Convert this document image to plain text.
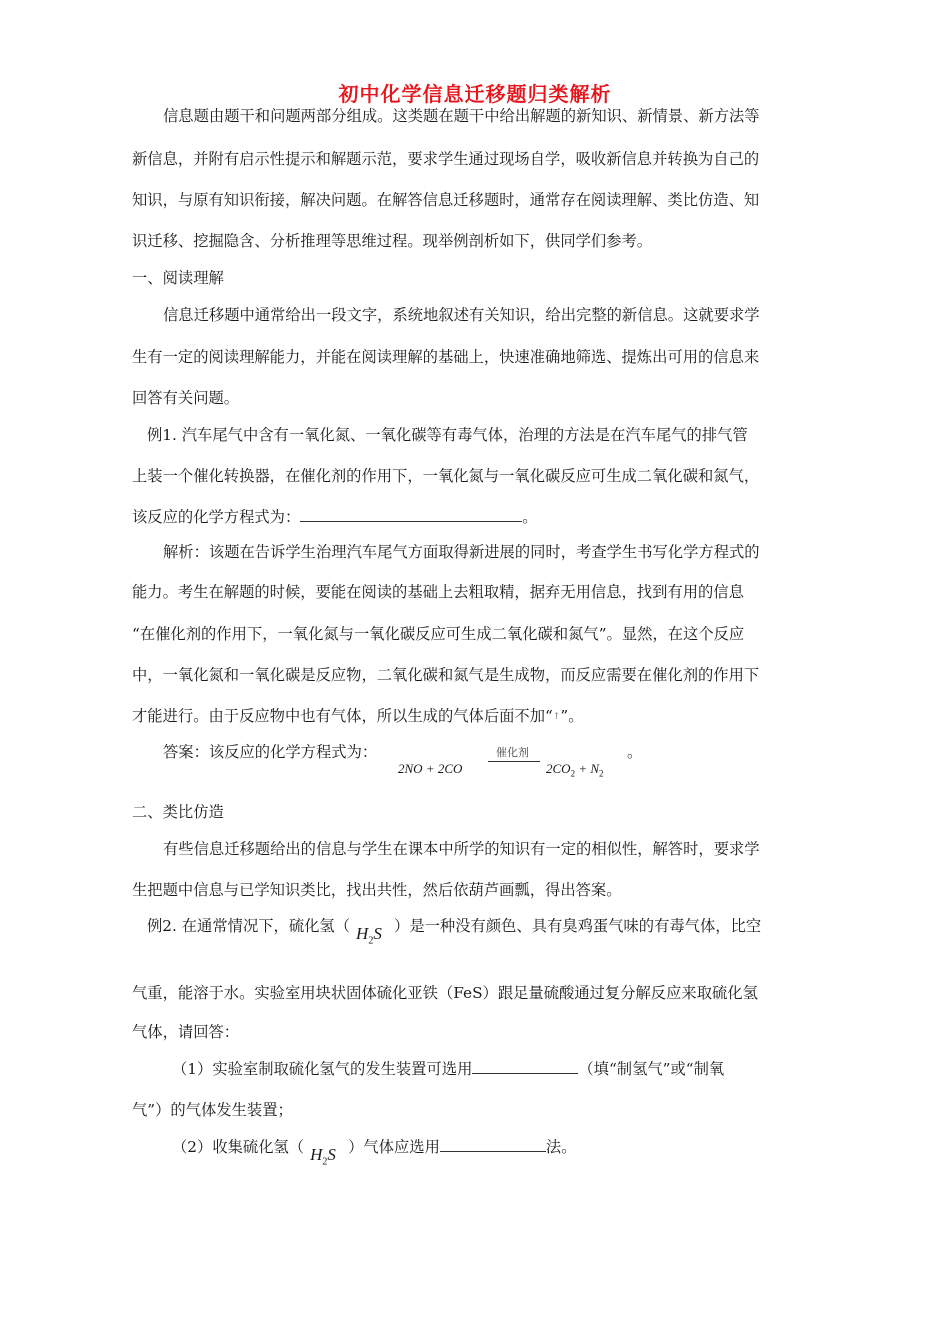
初中化学信息迁移题归类解析
信息题由题干和问题两部分组成。这类题在题干中给出解题的新知识、新情景、新方法等
新信息，并附有启示性提示和解题示范，要求学生通过现场自学，吸收新信息并转换为自己的
知识，与原有知识衔接，解决问题。在解答信息迁移题时，通常存在阅读理解、类比仿造、知
识迁移、挖掘隐含、分析推理等思维过程。现举例剖析如下，供同学们参考。
一、阅读理解
信息迁移题中通常给出一段文字，系统地叙述有关知识，给出完整的新信息。这就要求学
生有一定的阅读理解能力，并能在阅读理解的基础上，快速准确地筛选、提炼出可用的信息来
回答有关问题。
例1. 汽车尾气中含有一氧化氮、一氧化碳等有毒气体，治理的方法是在汽车尾气的排气管
上装一个催化转换器，在催化剂的作用下，一氧化氮与一氧化碳反应可生成二氧化碳和氮气，
该反应的化学方程式为：	。
解析：该题在告诉学生治理汽车尾气方面取得新进展的同时，考查学生书写化学方程式的
能力。考生在解题的时候，要能在阅读的基础上去粗取精，据弃无用信息，找到有用的信息
“在催化剂的作用下，一氧化氮与一氧化碳反应可生成二氧化碳和氮气”。显然，在这个反应
中，一氧化氮和一氧化碳是反应物，二氧化碳和氮气是生成物，而反应需要在催化剂的作用下
才能进行。由于反应物中也有气体，所以生成的气体后面不加“↑”。
答案：该反应的化学方程式为：	。
2NO + 2CO
催化剂
$2CO_2 + N_2$
二、类比仿造
有些信息迁移题给出的信息与学生在课本中所学的知识有一定的相似性，解答时，要求学
生把题中信息与已学知识类比，找出共性，然后依葫芦画瓢，得出答案。
例2. 在通常情况下，硫化氢（ $H_2S$ ）是一种没有颜色、具有臭鸡蛋气味的有毒气体，比空
气重，能溶于水。实验室用块状固体硫化亚铁（FeS）跟足量硫酸通过复分解反应来取硫化氢
气体，请回答：
（1）实验室制取硫化氢气的发生装置可选用	（填“制氢气”或“制氧
气”）的气体发生装置；
（2）收集硫化氢（ $H_2S$ ）气体应选用	法。
